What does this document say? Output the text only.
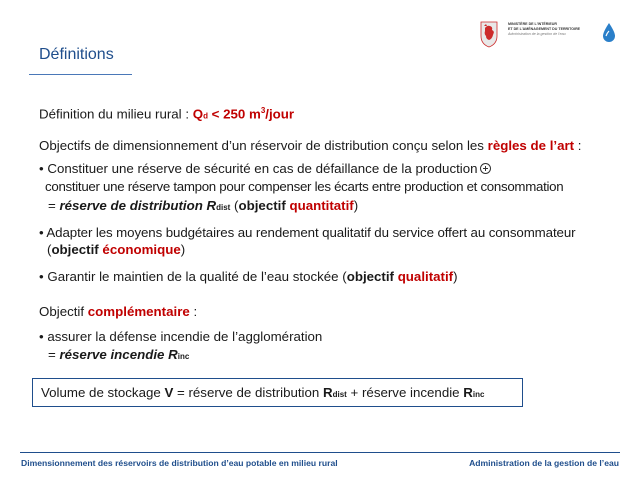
MINISTÈRE DE L'INTÉRIEUR
ET DE L'AMÉNAGEMENT DU TERRITOIRE
Administration de la gestion de l'eau
Définitions
Définition du milieu rural : Qd < 250 $m^3$/jour
Objectifs de dimensionnement d’un réservoir de distribution conçu selon les règles de l’art :
• Constituer une réserve de sécurité en cas de défaillance de la production
constituer une réserve tampon pour compenser les écarts entre production et consommation
= réserve de distribution Rdist (objectif quantitatif)
• Adapter les moyens budgétaires au rendement qualitatif du service offert au consommateur
(objectif économique)
• Garantir le maintien de la qualité de l’eau stockée (objectif qualitatif)
Objectif complémentaire :
• assurer la défense incendie de l’agglomération
= réserve incendie Rinc
Volume de stockage V = réserve de distribution Rdist + réserve incendie Rinc
Dimensionnement des réservoirs de distribution d’eau potable en milieu rural	Administration de la gestion de l’eau
